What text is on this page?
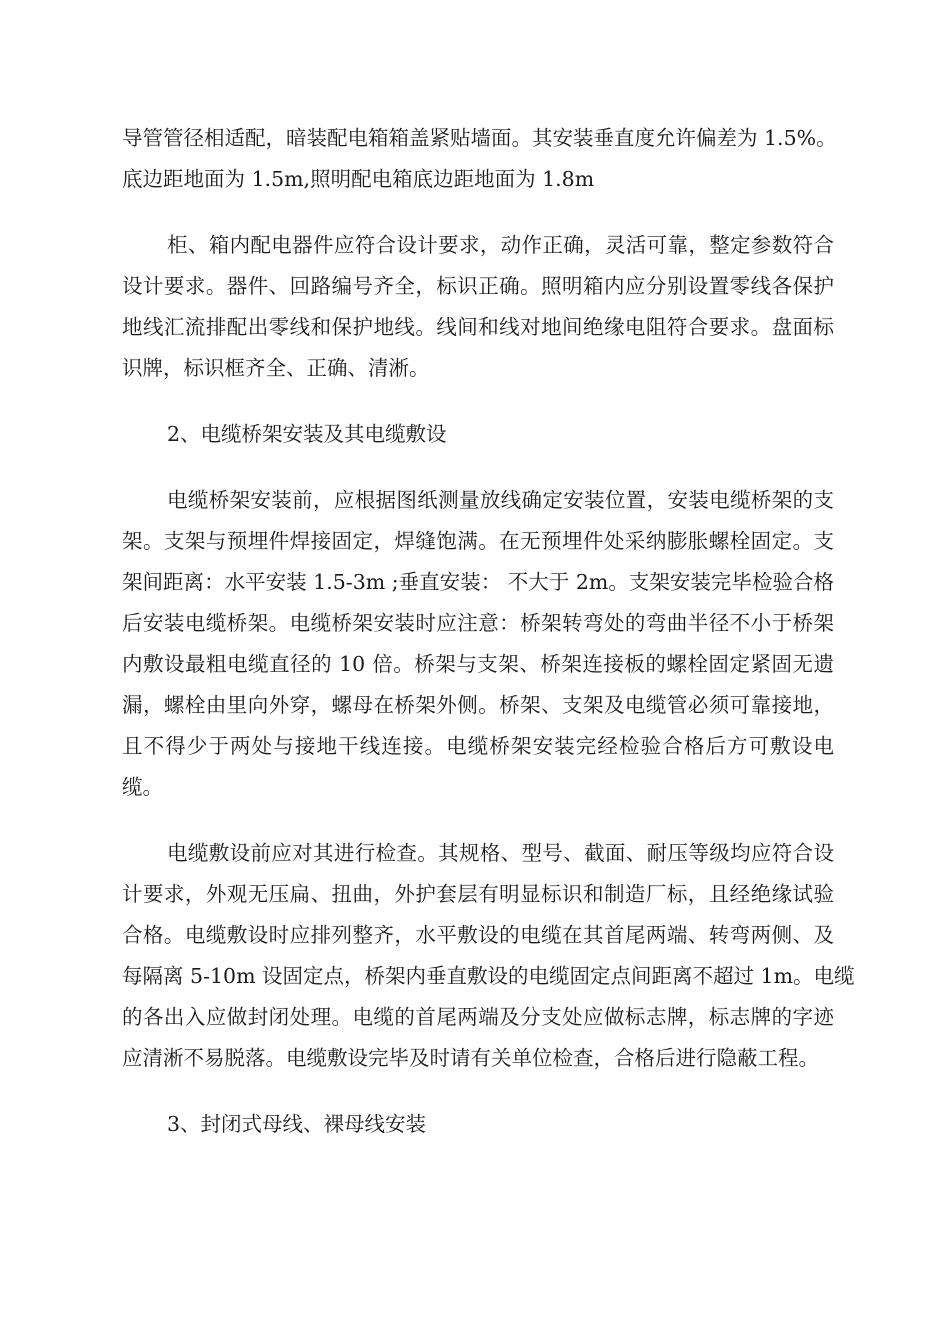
导管管径相适配，暗装配电箱箱盖紧贴墙面。其安装垂直度允许偏差为 1.5%。
底边距地面为 1.5m,照明配电箱底边距地面为 1.8m
柜、箱内配电器件应符合设计要求，动作正确，灵活可靠，整定参数符合
设计要求。器件、回路编号齐全，标识正确。照明箱内应分别设置零线各保护
地线汇流排配出零线和保护地线。线间和线对地间绝缘电阻符合要求。盘面标
识牌，标识框齐全、正确、清淅。
2、电缆桥架安装及其电缆敷设
电缆桥架安装前，应根据图纸测量放线确定安装位置，安装电缆桥架的支
架。支架与预埋件焊接固定，焊缝饱满。在无预埋件处采纳膨胀螺栓固定。支
架间距离：水平安装 1.5-3m ;垂直安装： 不大于 2m。支架安装完毕检验合格
后安装电缆桥架。电缆桥架安装时应注意：桥架转弯处的弯曲半径不小于桥架
内敷设最粗电缆直径的 10 倍。桥架与支架、桥架连接板的螺栓固定紧固无遗
漏，螺栓由里向外穿，螺母在桥架外侧。桥架、支架及电缆管必须可靠接地，
且不得少于两处与接地干线连接。电缆桥架安装完经检验合格后方可敷设电
缆。
电缆敷设前应对其进行检查。其规格、型号、截面、耐压等级均应符合设
计要求，外观无压扁、扭曲，外护套层有明显标识和制造厂标，且经绝缘试验
合格。电缆敷设时应排列整齐，水平敷设的电缆在其首尾两端、转弯两侧、及
每隔离 5-10m 设固定点，桥架内垂直敷设的电缆固定点间距离不超过 1m。电缆
的各出入应做封闭处理。电缆的首尾两端及分支处应做标志牌，标志牌的字迹
应清淅不易脱落。电缆敷设完毕及时请有关单位检查，合格后进行隐蔽工程。
3、封闭式母线、裸母线安装
